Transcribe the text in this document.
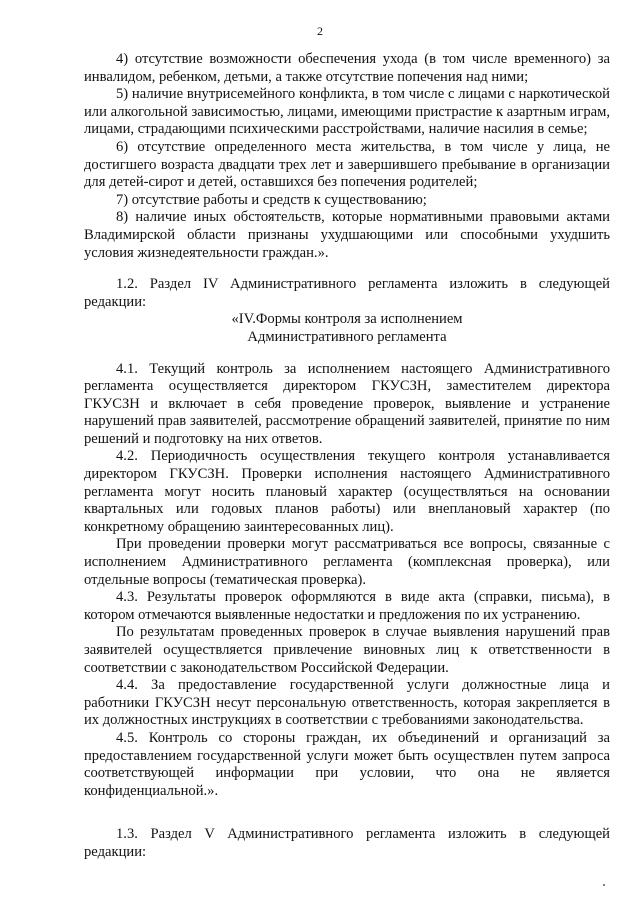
2

4) отсутствие возможности обеспечения ухода (в том числе временного) за инвалидом, ребенком, детьми, а также отсутствие попечения над ними;

5) наличие внутрисемейного конфликта, в том числе с лицами с наркотической или алкогольной зависимостью, лицами, имеющими пристрастие к азартным играм, лицами, страдающими психическими расстройствами, наличие насилия в семье;

6) отсутствие определенного места жительства, в том числе у лица, не достигшего возраста двадцати трех лет и завершившего пребывание в организации для детей-сирот и детей, оставшихся без попечения родителей;

7) отсутствие работы и средств к существованию;

8) наличие иных обстоятельств, которые нормативными правовыми актами Владимирской области признаны ухудшающими или способными ухудшить условия жизнедеятельности граждан.».

1.2. Раздел IV Административного регламента изложить в следующей редакции:

«IV.Формы контроля за исполнением

Административного регламента

4.1. Текущий контроль за исполнением настоящего Административного регламента осуществляется директором ГКУСЗН, заместителем директора ГКУСЗН и включает в себя проведение проверок, выявление и устранение нарушений прав заявителей, рассмотрение обращений заявителей, принятие по ним решений и подготовку на них ответов.

4.2. Периодичность осуществления текущего контроля устанавливается директором ГКУСЗН. Проверки исполнения настоящего Административного регламента могут носить плановый характер (осуществляться на основании квартальных или годовых планов работы) или внеплановый характер (по конкретному обращению заинтересованных лиц).

При проведении проверки могут рассматриваться все вопросы, связанные с исполнением Административного регламента (комплексная проверка), или отдельные вопросы (тематическая проверка).

4.3. Результаты проверок оформляются в виде акта (справки, письма), в котором отмечаются выявленные недостатки и предложения по их устранению.

По результатам проведенных проверок в случае выявления нарушений прав заявителей осуществляется привлечение виновных лиц к ответственности в соответствии с законодательством Российской Федерации.

4.4. За предоставление государственной услуги должностные лица и работники ГКУСЗН несут персональную ответственность, которая закрепляется в их должностных инструкциях в соответствии с требованиями законодательства.

4.5. Контроль со стороны граждан, их объединений и организаций за предоставлением государственной услуги может быть осуществлен путем запроса соответствующей информации при условии, что она не является конфиденциальной.».

1.3. Раздел V Административного регламента изложить в следующей редакции:
